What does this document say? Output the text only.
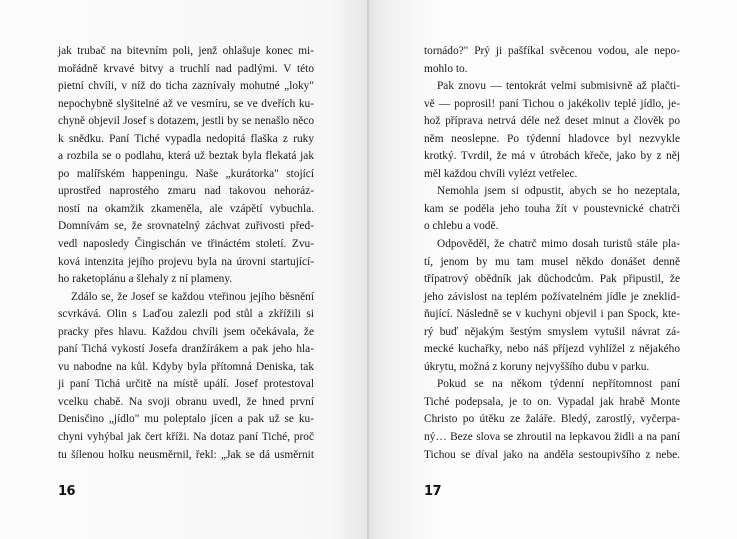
jak trubač na bitevním poli, jenž ohlašuje konec mi-
mořádně krvavé bitvy a truchlí nad padlými. V této
pietní chvíli, v níž do ticha zaznívaly mohutné „loky"
nepochybně slyšitelné až ve vesmíru, se ve dveřích ku-
chyně objevil Josef s dotazem, jestli by se nenašlo něco
k snědku. Paní Tiché vypadla nedopitá flaška z ruky
a rozbila se o podlahu, která už beztak byla flekatá jak
po malířském happeningu. Naše „kurátorka" stojící
uprostřed naprostého zmaru nad takovou nehoráz-
ností na okamžik zkameněla, ale vzápětí vybuchla.
Domnívám se, že srovnatelný záchvat zuřivosti před-
vedl naposledy Čingischán ve třináctém století. Zvu-
ková intenzita jejího projevu byla na úrovni startující-
ho raketoplánu a šlehaly z ní plameny.
Zdálo se, že Josef se každou vteřinou jejího běsnění
scvrkává. Olin s Laďou zalezli pod stůl a zkřížili si
pracky přes hlavu. Každou chvíli jsem očekávala, že
paní Tichá vykostí Josefa dranžírákem a pak jeho hla-
vu nabodne na kůl. Kdyby byla přítomná Deniska, tak
ji paní Tichá určitě na místě upálí. Josef protestoval
vcelku chabě. Na svoji obranu uvedl, že hned první
Denisčino „jídlo" mu poleptalo jícen a pak už se ku-
chyni vyhýbal jak čert kříži. Na dotaz paní Tiché, proč
tu šílenou holku neusměrnil, řekl: „Jak se dá usměrnit
16
tornádo?" Prý ji pašfíkal svěcenou vodou, ale nepo-
mohlo to.
Pak znovu — tentokrát velmi submisivně až plačti-
vě — poprosil! paní Tichou o jakékoliv teplé jídlo, je-
hož příprava netrvá déle než deset minut a člověk po
něm neoslepne. Po týdenní hladovce byl nezvykle
krotký. Tvrdil, že má v útrobách křeče, jako by z něj
měl každou chvíli vylézt vetřelec.
Nemohla jsem si odpustit, abych se ho nezeptala,
kam se poděla jeho touha žít v poustevnické chatrči
o chlebu a vodě.
Odpověděl, že chatrč mimo dosah turistů stále pla-
tí, jenom by mu tam musel někdo donášet denně
třípatrový obědník jak důchodcům. Pak připustil, že
jeho závislost na teplém požívatelném jídle je zneklid-
ňující. Následně se v kuchyni objevil i pan Spock, kte-
rý buď nějakým šestým smyslem vytušil návrat zá-
mecké kuchařky, nebo náš příjezd vyhlížel z nějakého
úkrytu, možná z koruny nejvyššího dubu v parku.
Pokud se na někom týdenní nepřítomnost paní
Tiché podepsala, je to on. Vypadal jak hrabě Monte
Christo po útěku ze žaláře. Bledý, zarostlý, vyčerpa-
ný… Beze slova se zhroutil na lepkavou židli a na paní
Tichou se díval jako na anděla sestoupivšího z nebe.
17
